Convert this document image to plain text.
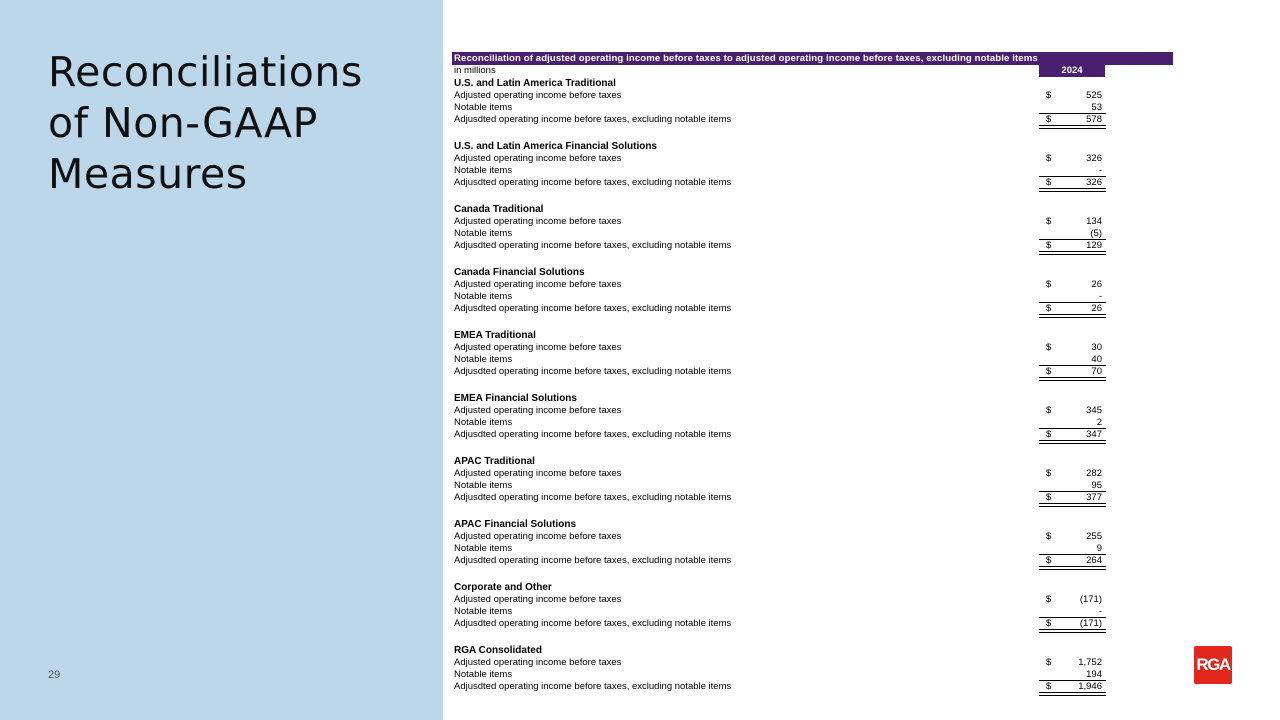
Reconciliations
of Non-GAAP
Measures
29
Reconciliation of adjusted operating income before taxes to adjusted operating income before taxes, excluding notable items
in millions	2024
U.S. and Latin America Traditional
Adjusted operating income before taxes	$	525
Notable items	53
Adjusdted operating income before taxes, excluding notable items	$	578
U.S. and Latin America Financial Solutions
Adjusted operating income before taxes	$	326
Notable items	-
Adjusdted operating income before taxes, excluding notable items	$	326
Canada Traditional
Adjusted operating income before taxes	$	134
Notable items	(5)
Adjusdted operating income before taxes, excluding notable items	$	129
Canada Financial Solutions
Adjusted operating income before taxes	$	26
Notable items	-
Adjusdted operating income before taxes, excluding notable items	$	26
EMEA Traditional
Adjusted operating income before taxes	$	30
Notable items	40
Adjusdted operating income before taxes, excluding notable items	$	70
EMEA Financial Solutions
Adjusted operating income before taxes	$	345
Notable items	2
Adjusdted operating income before taxes, excluding notable items	$	347
APAC Traditional
Adjusted operating income before taxes	$	282
Notable items	95
Adjusdted operating income before taxes, excluding notable items	$	377
APAC Financial Solutions
Adjusted operating income before taxes	$	255
Notable items	9
Adjusdted operating income before taxes, excluding notable items	$	264
Corporate and Other
Adjusted operating income before taxes	$	(171)
Notable items	-
Adjusdted operating income before taxes, excluding notable items	$	(171)
RGA Consolidated
Adjusted operating income before taxes	$	1,752
Notable items	194
Adjusdted operating income before taxes, excluding notable items	$	1,946
RGA
